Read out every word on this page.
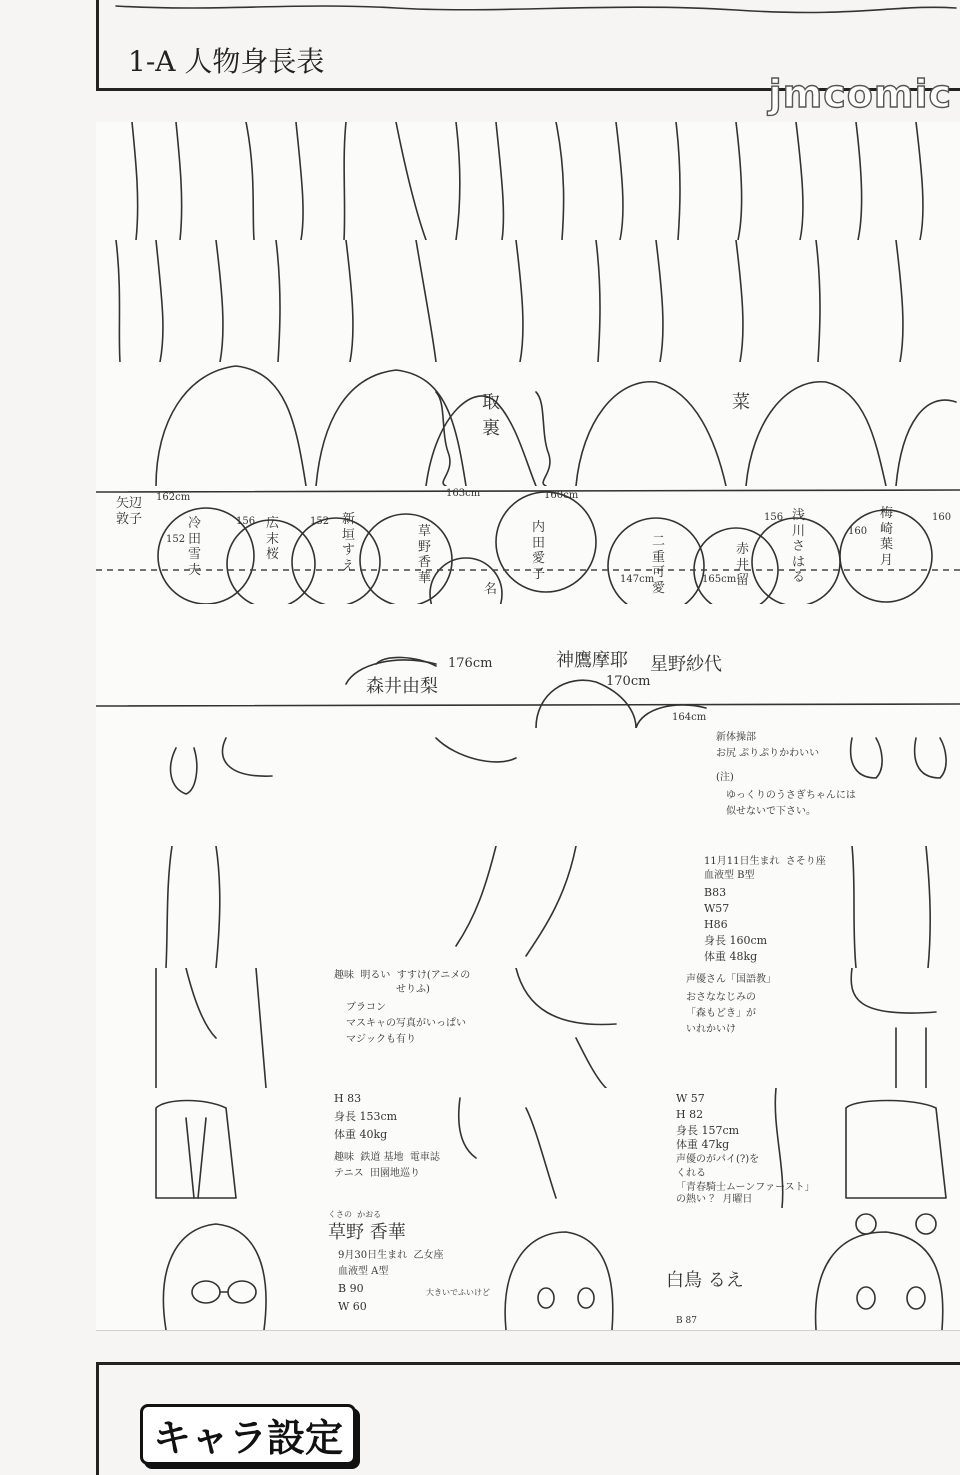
1-A 人物身長表
jmcomic
取
裏
菜
矢辺敦子
162cm
冷田雪夫
152
広末桜
156	新垣すえ
152
草野香華
163cm
名
160cm
内田愛子	147cm
二重可愛
165cm
赤井留
156 浅川さはる
160
梅崎葉月
160
神鷹摩耶 星野紗代
森井由梨
176cm
170cm
164cm
新体操部
お尻 ぷりぷりかわいい
(注)
ゆっくりのうさぎちゃんには
似せないで下さい。
11月11日生まれ  さそり座
血液型 B型
B83
W57
H86
身長 160cm
体重 48kg
趣味  明るい  すすけ(アニメの
せりふ)
ブラコン
マスキャの写真がいっぱい
マジックも有り
声優さん「国語教」
おさななじみの
「森もどき」が
いれかいけ
H 83
身長 153cm
体重 40kg
趣味  鉄道 基地  電車誌
テニス  田園地巡り
W 57
H 82
身長 157cm
体重 47kg
声優のがパイ(?)を
くれる
「青春騎士ムーンファースト」
の熱い ？ 月曜日
くさの  かおる
草野 香華
9月30日生まれ  乙女座
血液型 A型
B 90
W 60
大きいでふいけど
白鳥 るえ
B 87
キャラ設定
